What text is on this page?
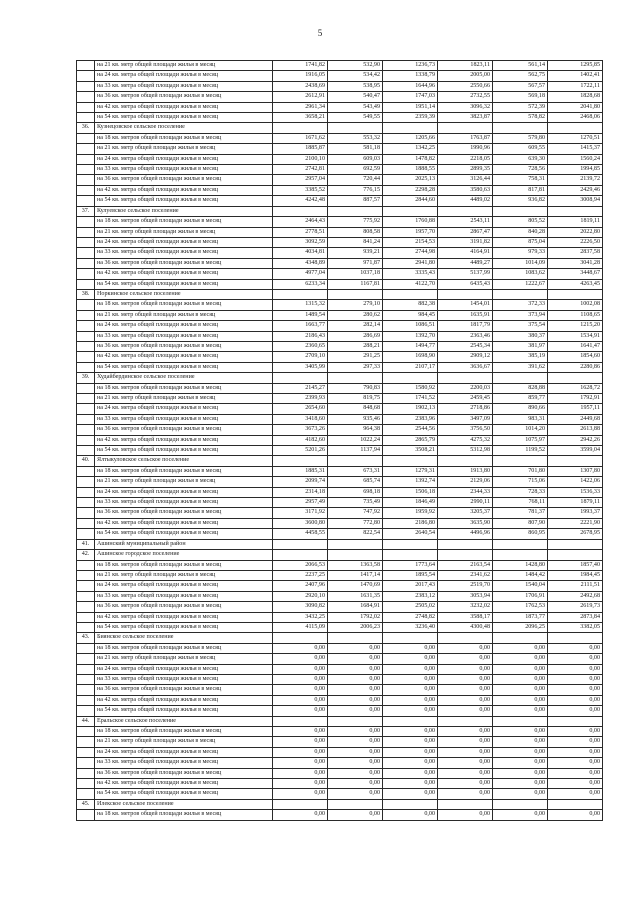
5
	на 21 кв. метр общей площади жилья в месяц	1741,82	532,90	1236,73	1823,11	561,14	1295,85
	на 24 кв. метра общей площади жилья в месяц	1916,05	534,42	1338,79	2005,00	562,75	1402,41
	на 33 кв. метра общей площади жилья в месяц	2438,69	538,95	1644,96	2550,66	567,57	1722,11
	на 36 кв. метров общей площади жилья в месяц	2612,91	540,47	1747,03	2732,55	569,18	1828,68
	на 42 кв. метра общей площади жилья в месяц	2961,34	543,49	1951,14	3096,32	572,39	2041,80
	на 54 кв. метра общей площади жилья в месяц	3658,21	549,55	2359,39	3823,87	578,82	2468,06
36.	Кузнецовское сельское поселение						
	на 18 кв. метров общей площади жилья в месяц	1671,62	553,32	1205,66	1763,87	579,80	1270,51
	на 21 кв. метр общей площади жилья в месяц	1885,87	581,18	1342,25	1990,96	609,55	1415,37
	на 24 кв. метра общей площади жилья в месяц	2100,10	609,03	1478,82	2218,05	639,30	1560,24
	на 33 кв. метра общей площади жилья в месяц	2742,81	692,59	1888,55	2899,35	728,56	1994,85
	на 36 кв. метров общей площади жилья в месяц	2957,04	720,44	2025,13	3126,44	758,31	2139,72
	на 42 кв. метра общей площади жилья в месяц	3385,52	776,15	2298,28	3580,63	817,81	2429,46
	на 54 кв. метра общей площади жилья в месяц	4242,48	887,57	2844,60	4489,02	936,82	3008,94
37.	Кулуевское сельское поселение						
	на 18 кв. метров общей площади жилья в месяц	2464,43	775,92	1760,88	2543,11	805,52	1819,11
	на 21 кв. метр общей площади жилья в месяц	2778,51	808,58	1957,70	2867,47	840,28	2022,80
	на 24 кв. метра общей площади жилья в месяц	3092,59	841,24	2154,53	3191,82	875,04	2226,50
	на 33 кв. метра общей площади жилья в месяц	4034,81	939,21	2744,98	4164,91	979,33	2837,58
	на 36 кв. метров общей площади жилья в месяц	4348,89	971,87	2941,80	4489,27	1014,09	3041,28
	на 42 кв. метра общей площади жилья в месяц	4977,04	1037,18	3335,43	5137,99	1083,62	3448,67
	на 54 кв. метра общей площади жилья в месяц	6233,34	1167,81	4122,70	6435,43	1222,67	4263,45
38.	Норкинское сельское поселение						
	на 18 кв. метров общей площади жилья в месяц	1315,32	279,10	882,38	1454,01	372,33	1002,08
	на 21 кв. метр общей площади жилья в месяц	1489,54	280,62	984,45	1635,91	373,94	1108,65
	на 24 кв. метра общей площади жилья в месяц	1663,77	282,14	1086,51	1817,79	375,54	1215,20
	на 33 кв. метра общей площади жилья в месяц	2186,43	286,69	1392,70	2363,46	380,37	1534,91
	на 36 кв. метров общей площади жилья в месяц	2360,65	288,21	1494,77	2545,34	381,97	1641,47
	на 42 кв. метра общей площади жилья в месяц	2709,10	291,25	1698,90	2909,12	385,19	1854,60
	на 54 кв. метра общей площади жилья в месяц	3405,99	297,33	2107,17	3636,67	391,62	2280,86
39.	Худайбердинское сельское поселение						
	на 18 кв. метров общей площади жилья в месяц	2145,27	790,83	1580,92	2200,03	828,88	1628,72
	на 21 кв. метр общей площади жилья в месяц	2399,93	819,75	1741,52	2459,45	859,77	1792,91
	на 24 кв. метра общей площади жилья в месяц	2654,60	848,68	1902,13	2718,86	890,66	1957,11
	на 33 кв. метра общей площади жилья в месяц	3418,60	935,46	2383,96	3497,09	983,31	2449,68
	на 36 кв. метров общей площади жилья в месяц	3673,26	964,38	2544,56	3756,50	1014,20	2613,88
	на 42 кв. метра общей площади жилья в месяц	4182,60	1022,24	2865,79	4275,32	1075,97	2942,26
	на 54 кв. метра общей площади жилья в месяц	5201,26	1137,94	3508,21	5312,98	1199,52	3599,04
40.	Ялтыкуловское сельское поселение						
	на 18 кв. метров общей площади жилья в месяц	1885,31	673,31	1279,31	1913,80	701,80	1307,80
	на 21 кв. метр общей площади жилья в месяц	2099,74	685,74	1392,74	2129,06	715,06	1422,06
	на 24 кв. метра общей площади жилья в месяц	2314,18	698,18	1506,18	2344,33	728,33	1536,33
	на 33 кв. метра общей площади жилья в месяц	2957,49	735,49	1846,49	2990,11	768,11	1879,11
	на 36 кв. метров общей площади жилья в месяц	3171,92	747,92	1959,92	3205,37	781,37	1993,37
	на 42 кв. метра общей площади жилья в месяц	3600,80	772,80	2186,80	3635,90	807,90	2221,90
	на 54 кв. метра общей площади жилья в месяц	4458,55	822,54	2640,54	4496,96	860,95	2678,95
41.	Ашинский муниципальный район						
42.	Ашинское городское поселение						
	на 18 кв. метров общей площади жилья в месяц	2066,53	1363,58	1773,64	2163,54	1428,80	1857,40
	на 21 кв. метр общей площади жилья в месяц	2237,25	1417,14	1895,54	2341,62	1484,42	1984,45
	на 24 кв. метра общей площади жилья в месяц	2407,96	1470,69	2017,43	2519,70	1540,04	2111,51
	на 33 кв. метра общей площади жилья в месяц	2920,10	1631,35	2383,12	3053,94	1706,91	2492,68
	на 36 кв. метров общей площади жилья в месяц	3090,82	1684,91	2505,02	3232,02	1762,53	2619,73
	на 42 кв. метра общей площади жилья в месяц	3432,25	1792,02	2748,82	3588,17	1873,77	2873,84
	на 54 кв. метра общей площади жилья в месяц	4115,09	2006,23	3236,40	4300,48	2096,25	3382,05
43.	Биянское сельское поселение						
	на 18 кв. метров общей площади жилья в месяц	0,00	0,00	0,00	0,00	0,00	0,00
	на 21 кв. метр общей площади жилья в месяц	0,00	0,00	0,00	0,00	0,00	0,00
	на 24 кв. метра общей площади жилья в месяц	0,00	0,00	0,00	0,00	0,00	0,00
	на 33 кв. метра общей площади жилья в месяц	0,00	0,00	0,00	0,00	0,00	0,00
	на 36 кв. метров общей площади жилья в месяц	0,00	0,00	0,00	0,00	0,00	0,00
	на 42 кв. метра общей площади жилья в месяц	0,00	0,00	0,00	0,00	0,00	0,00
	на 54 кв. метра общей площади жилья в месяц	0,00	0,00	0,00	0,00	0,00	0,00
44.	Еральское сельское поселение						
	на 18 кв. метров общей площади жилья в месяц	0,00	0,00	0,00	0,00	0,00	0,00
	на 21 кв. метр общей площади жилья в месяц	0,00	0,00	0,00	0,00	0,00	0,00
	на 24 кв. метра общей площади жилья в месяц	0,00	0,00	0,00	0,00	0,00	0,00
	на 33 кв. метра общей площади жилья в месяц	0,00	0,00	0,00	0,00	0,00	0,00
	на 36 кв. метров общей площади жилья в месяц	0,00	0,00	0,00	0,00	0,00	0,00
	на 42 кв. метра общей площади жилья в месяц	0,00	0,00	0,00	0,00	0,00	0,00
	на 54 кв. метра общей площади жилья в месяц	0,00	0,00	0,00	0,00	0,00	0,00
45.	Илекское сельское поселение						
	на 18 кв. метров общей площади жилья в месяц	0,00	0,00	0,00	0,00	0,00	0,00
